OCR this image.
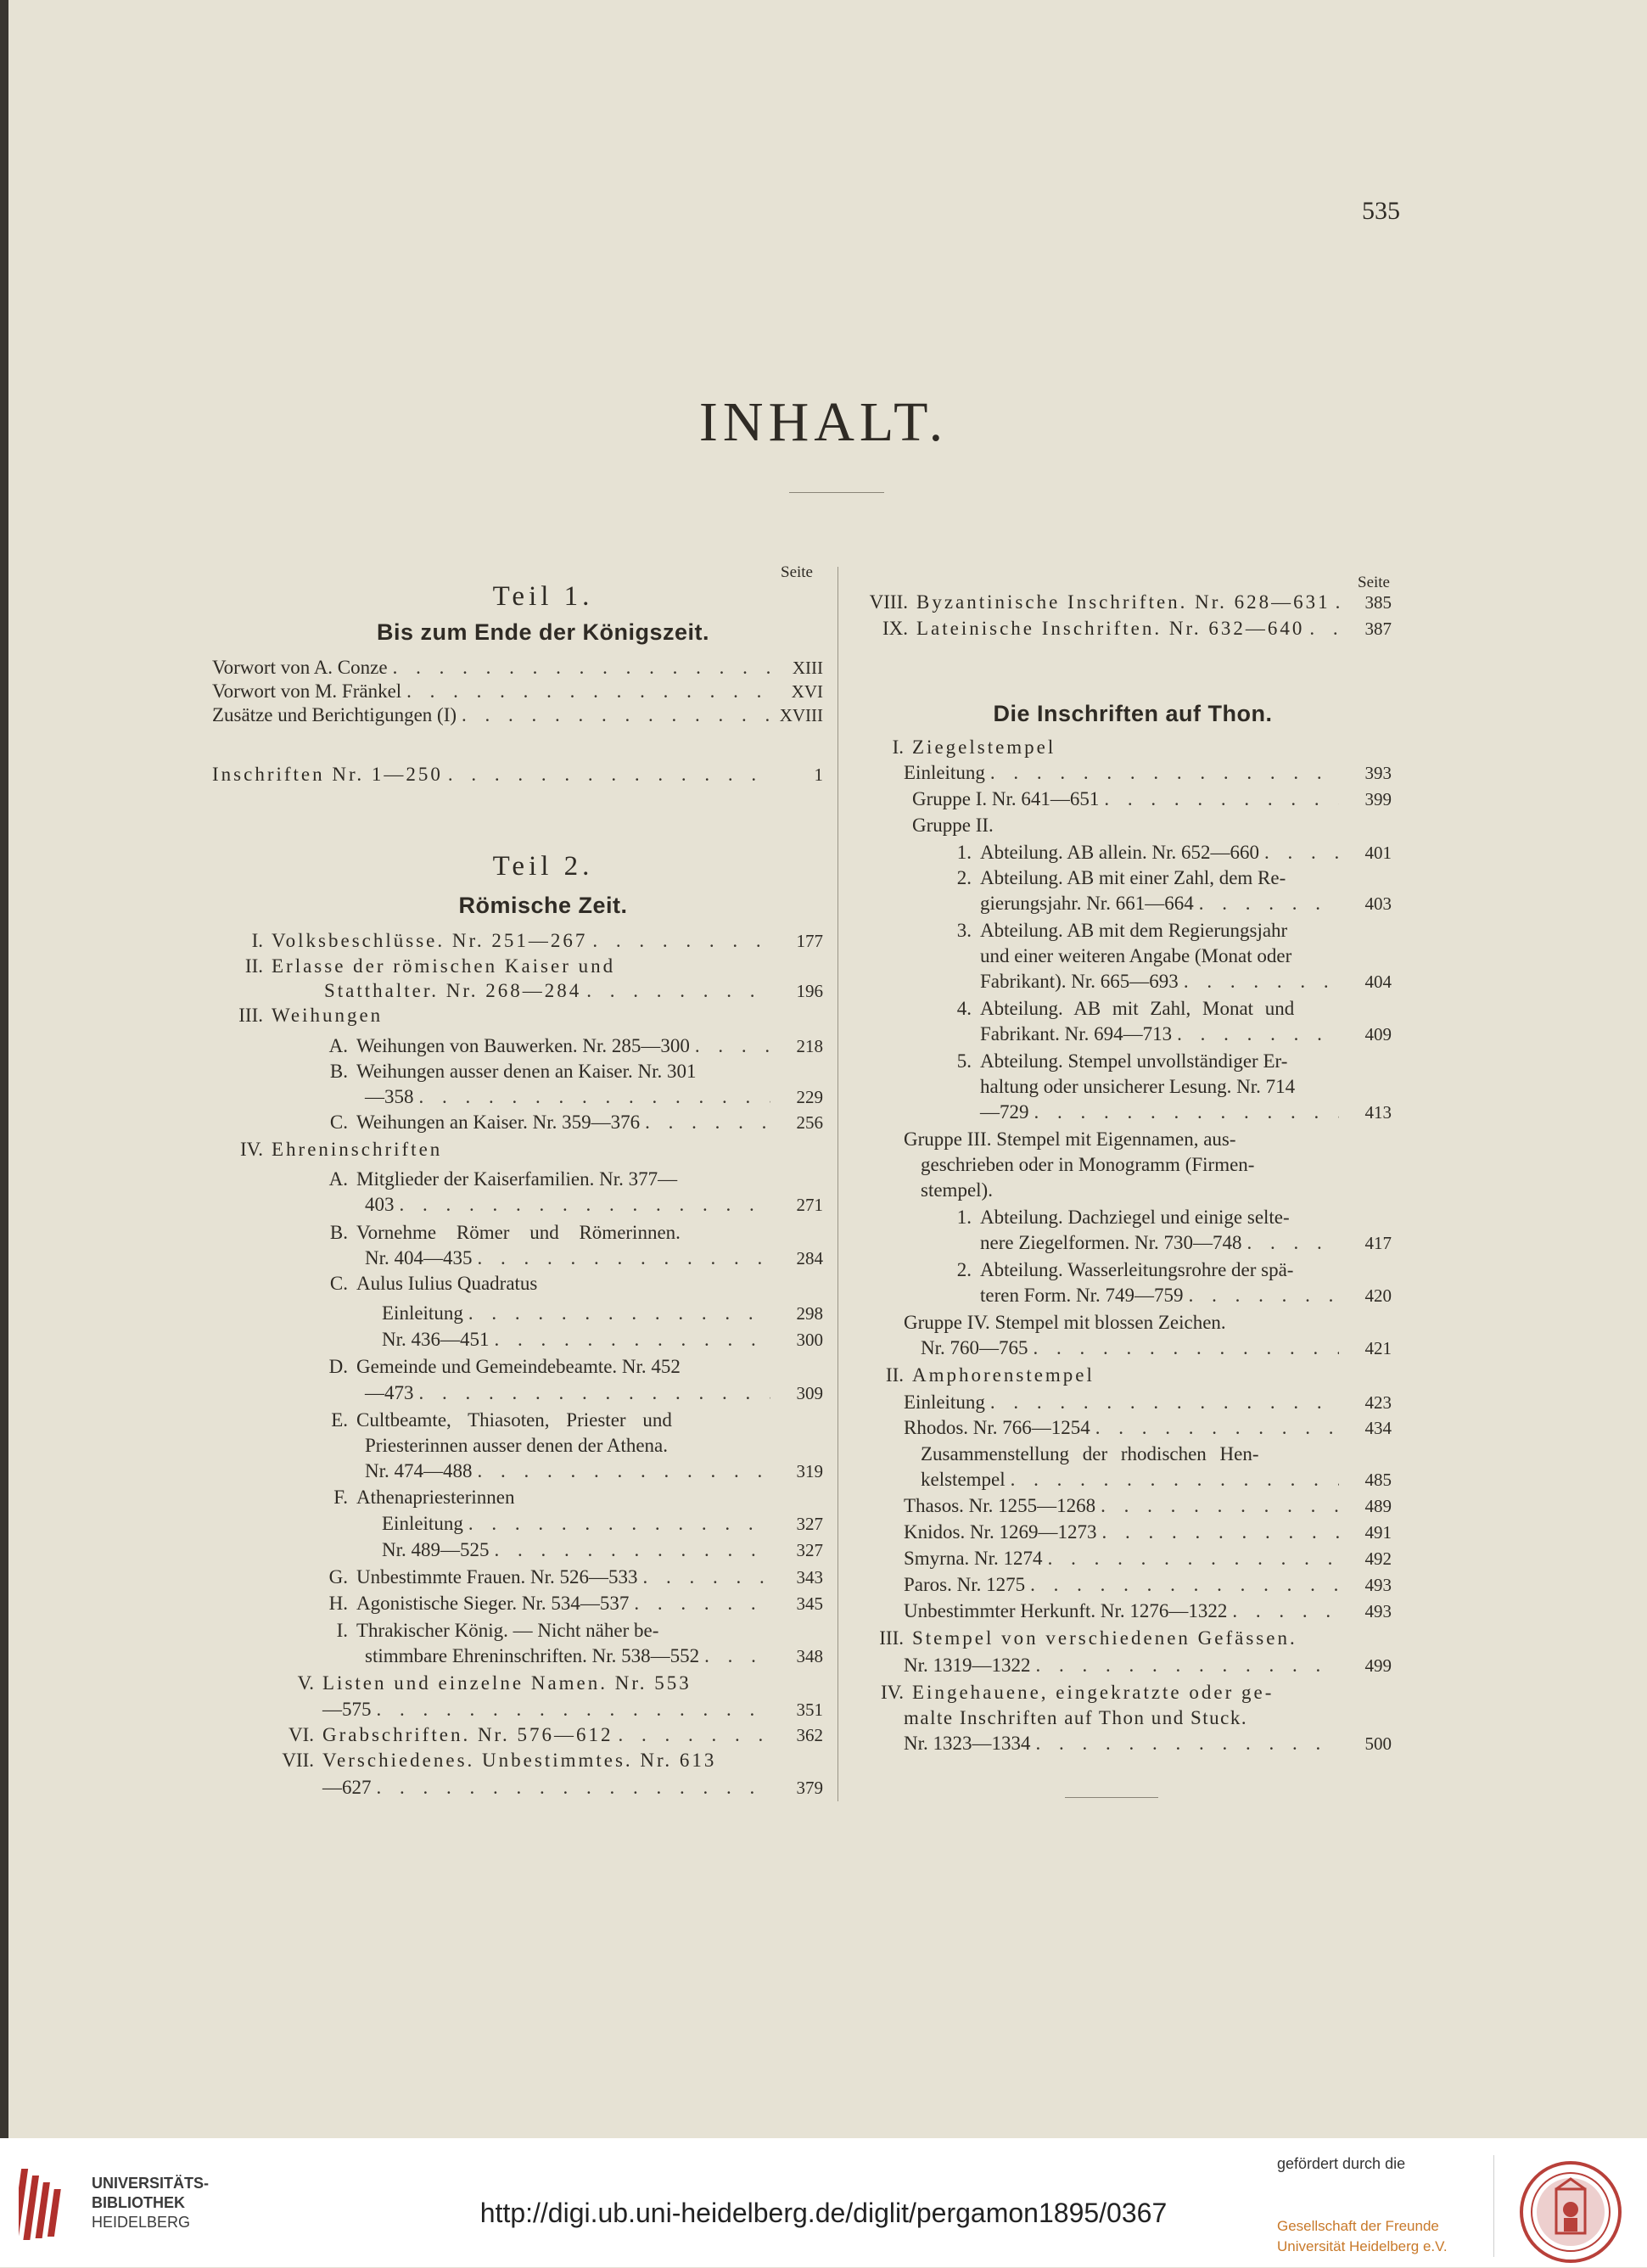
535
INHALT.
Seite
Teil 1.
Bis zum Ende der Königszeit.
Teil 2.
Römische Zeit.
Vorwort von A. Conze . . .	XIII
Vorwort von M. Fränkel . . .	XVI
Zusätze und Berichtigungen (I) . . .	XVIII
Inschriften Nr. 1—250 . . .	1
I. Volksbeschlüsse. Nr. 251—267 . . .	177
II. Erlasse der römischen Kaiser und
Statthalter. Nr. 268—284 . . .	196
III. Weihungen
A. Weihungen von Bauwerken. Nr. 285—300 . . .	218
B. Weihungen ausser denen an Kaiser. Nr. 301
—358 . . .	229
C. Weihungen an Kaiser. Nr. 359—376 . . .	256
IV. Ehreninschriften
A. Mitglieder der Kaiserfamilien. Nr. 377—
403 . . .	271
B. Vornehme Römer und Römerinnen.
Nr. 404—435 . . .	284
C. Aulus Iulius Quadratus
Einleitung . . .	298
Nr. 436—451 . . .	300
D. Gemeinde und Gemeindebeamte. Nr. 452
—473 . . .	309
E. Cultbeamte, Thiasoten, Priester und
Priesterinnen ausser denen der Athena.
Nr. 474—488 . . .	319
F. Athenapriesterinnen
Einleitung . . .	327
Nr. 489—525 . . .	327
G. Unbestimmte Frauen. Nr. 526—533 . . .	343
H. Agonistische Sieger. Nr. 534—537 . . .	345
I. Thrakischer König. — Nicht näher be-
stimmbare Ehreninschriften. Nr. 538—552 . . .	348
V. Listen und einzelne Namen. Nr. 553
—575 . . .	351
VI. Grabschriften. Nr. 576—612 . . .	362
VII. Verschiedenes. Unbestimmtes. Nr. 613
—627 . . .	379
Seite
VIII. Byzantinische Inschriften. Nr. 628—631 . . .	385
IX. Lateinische Inschriften. Nr. 632—640 . . .	387
Die Inschriften auf Thon.
I. Ziegelstempel
Einleitung . . .	393
Gruppe I. Nr. 641—651 . . .	399
Gruppe II.
1. Abteilung. AB allein. Nr. 652—660 . . .	401
2. Abteilung. AB mit einer Zahl, dem Re-
gierungsjahr. Nr. 661—664 . . .	403
3. Abteilung. AB mit dem Regierungsjahr
und einer weiteren Angabe (Monat oder
Fabrikant). Nr. 665—693 . . .	404
4. Abteilung. AB mit Zahl, Monat und
Fabrikant. Nr. 694—713 . . .	409
5. Abteilung. Stempel unvollständiger Er-
haltung oder unsicherer Lesung. Nr. 714
—729 . . .	413
Gruppe III. Stempel mit Eigennamen, aus-
geschrieben oder in Monogramm (Firmen-
stempel).
1. Abteilung. Dachziegel und einige selte-
nere Ziegelformen. Nr. 730—748 . . .	417
2. Abteilung. Wasserleitungsrohre der spä-
teren Form. Nr. 749—759 . . .	420
Gruppe IV. Stempel mit blossen Zeichen.
Nr. 760—765 . . .	421
II. Amphorenstempel
Einleitung . . .	423
Rhodos. Nr. 766—1254 . . .	434
Zusammenstellung der rhodischen Hen-
kelstempel . . .	485
Thasos. Nr. 1255—1268 . . .	489
Knidos. Nr. 1269—1273 . . .	491
Smyrna. Nr. 1274 . . .	492
Paros. Nr. 1275 . . .	493
Unbestimmter Herkunft. Nr. 1276—1322 . . .	493
III. Stempel von verschiedenen Gefässen.
Nr. 1319—1322 . . .	499
IV. Eingehauene, eingekratzte oder ge-
malte Inschriften auf Thon und Stuck.
Nr. 1323—1334 . . .	500
UNIVERSITÄTS-
BIBLIOTHEK
HEIDELBERG	http://digi.ub.uni-heidelberg.de/diglit/pergamon1895/0367
gefördert durch die
Gesellschaft der Freunde
Universität Heidelberg e.V.
